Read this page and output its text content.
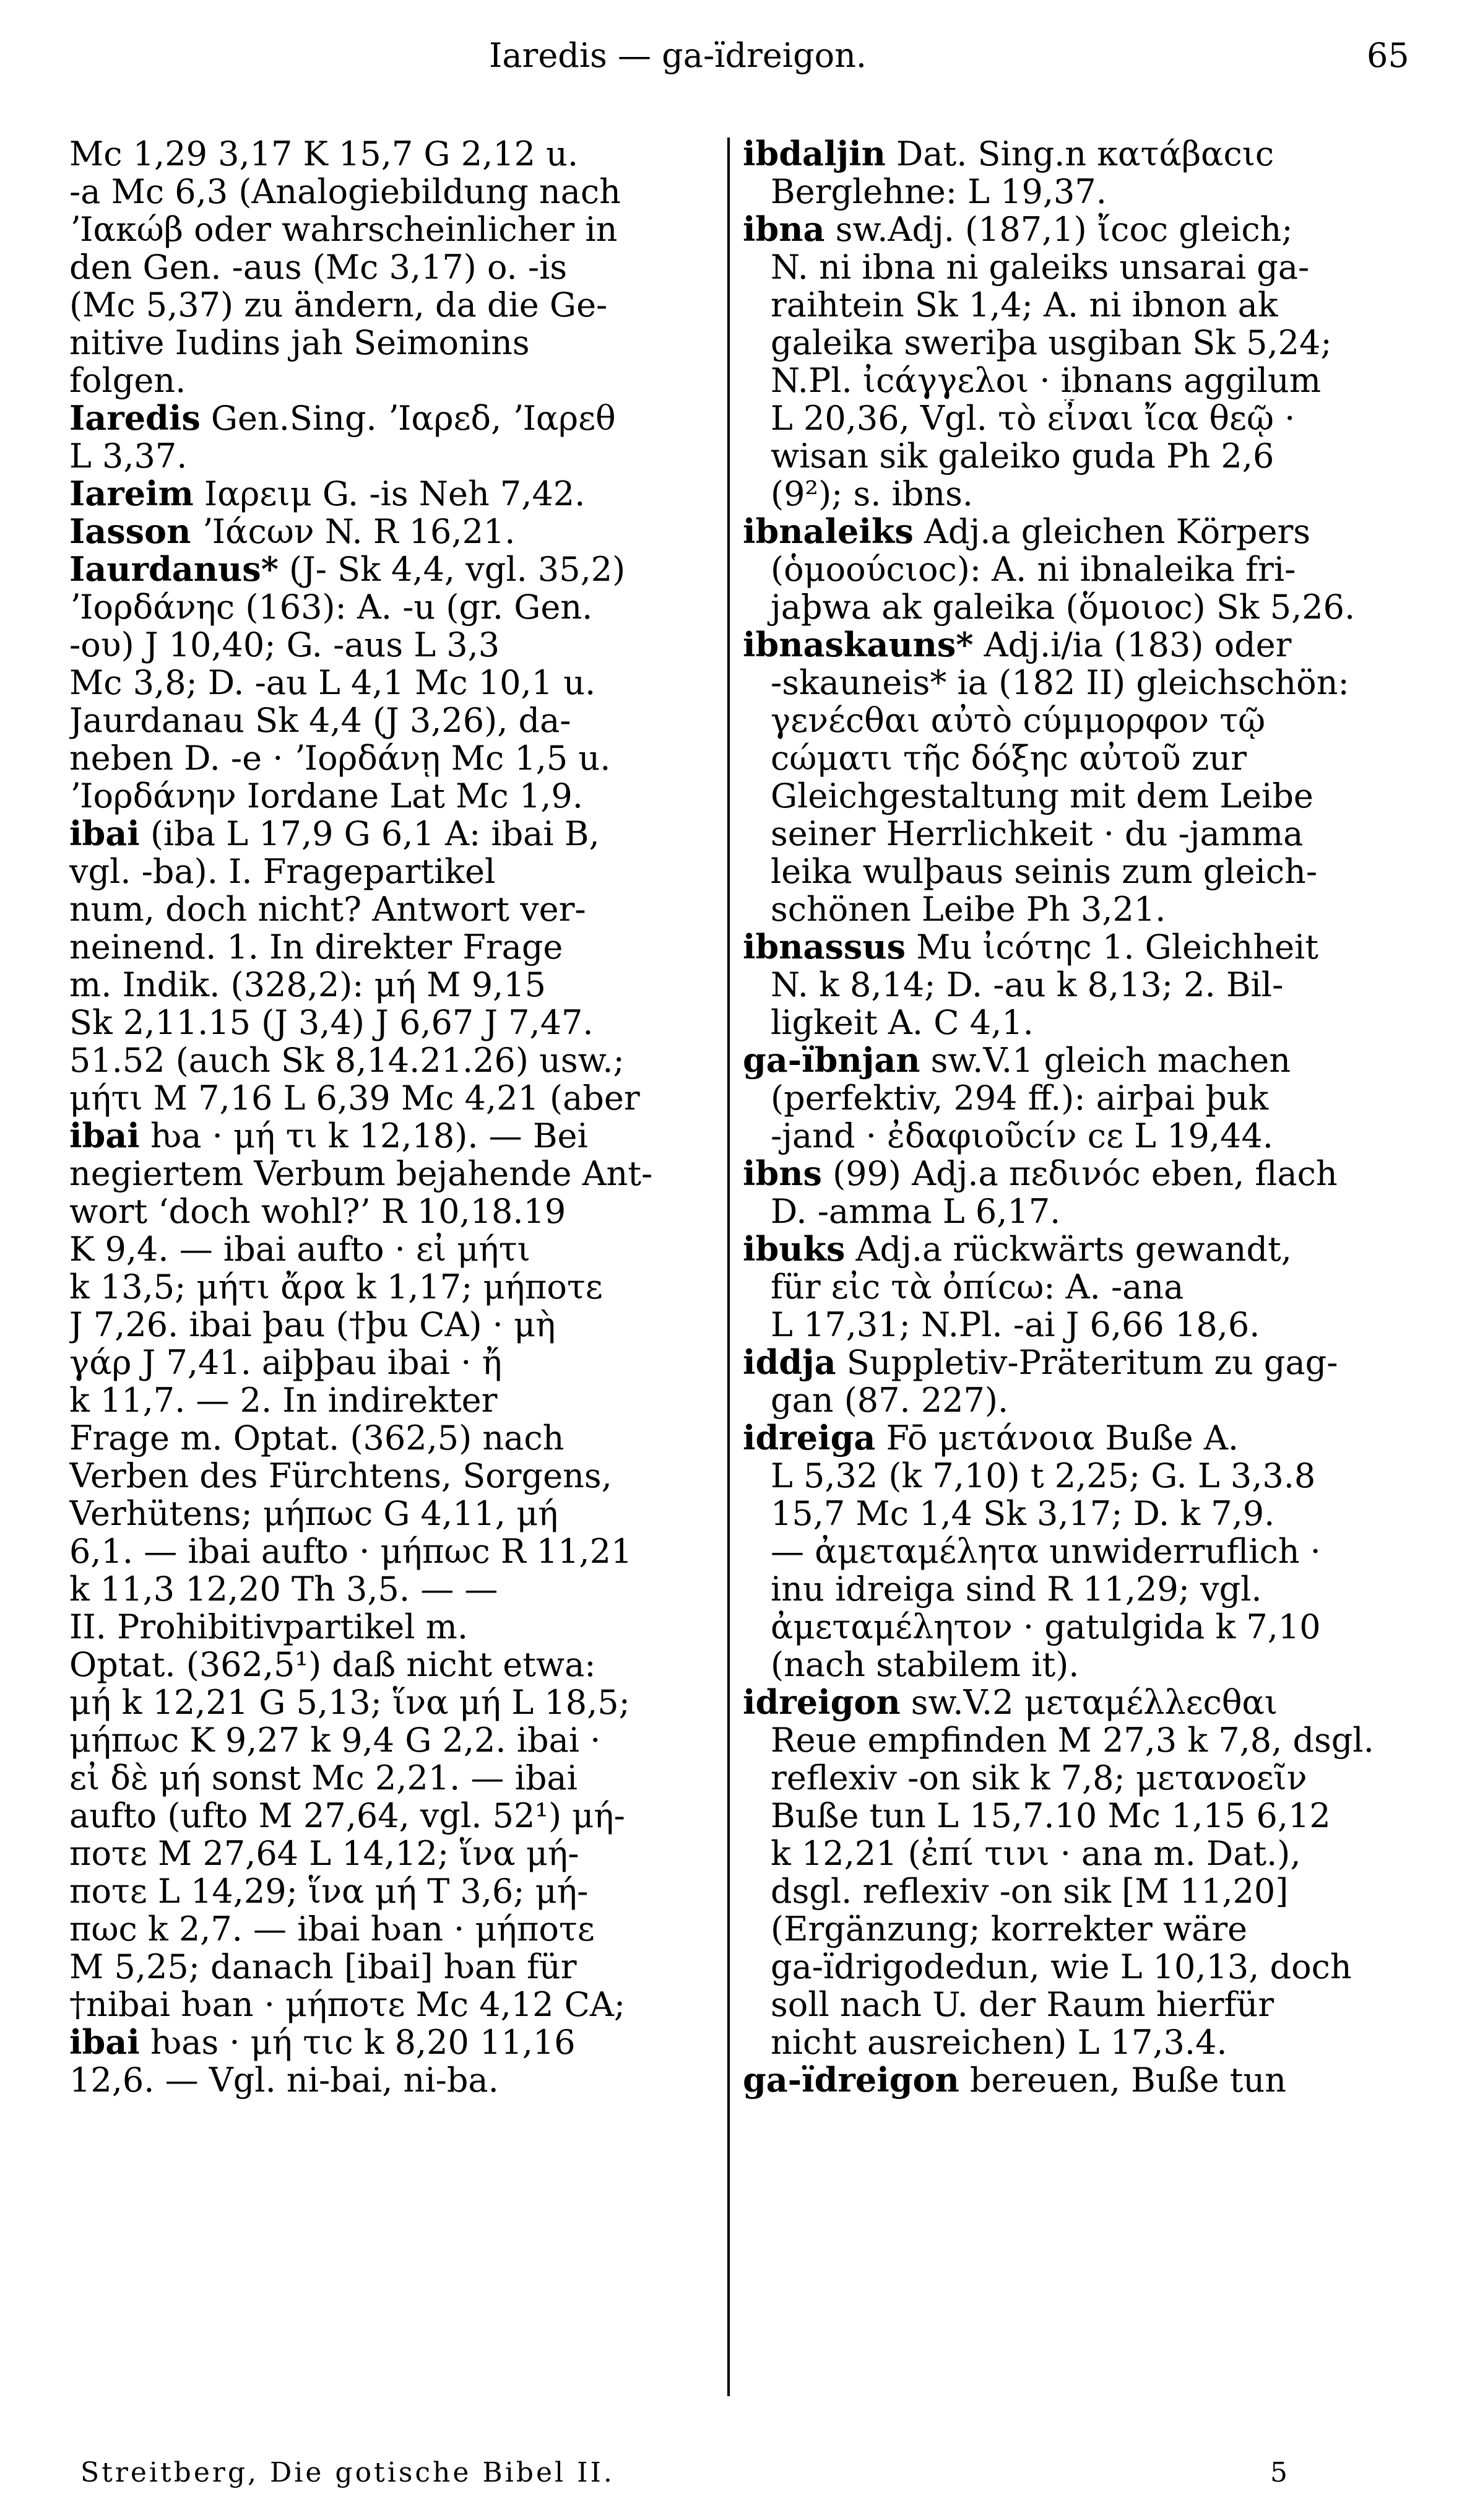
Iaredis — ga-ïdreigon.	65
Mc 1,29 3,17 K 15,7 G 2,12 u.
-a Mc 6,3 (Analogiebildung nach
ʼΙακώβ oder wahrscheinlicher in
den Gen. -aus (Mc 3,17) o. -is
(Mc 5,37) zu ändern, da die Ge-
nitive Iudins jah Seimonins
folgen.
Iaredis Gen.Sing. ʼΙαρεδ, ʼΙαρεθ
L 3,37.
Iareim Ιαρειμ G. -is Neh 7,42.
Iasson ʼΙάcων N. R 16,21.
Iaurdanus* (J- Sk 4,4, vgl. 35,2)
ʼΙορδάνηc (163): A. -u (gr. Gen.
-ου) J 10,40; G. -aus L 3,3
Mc 3,8; D. -au L 4,1 Mc 10,1 u.
Jaurdanau Sk 4,4 (J 3,26), da-
neben D. -e · ʼΙορδάνῃ Mc 1,5 u.
ʼΙορδάνην Iordane Lat Mc 1,9.
ibai (iba L 17,9 G 6,1 A: ibai B,
vgl. -ba). I. Fragepartikel
num, doch nicht? Antwort ver-
neinend. 1. In direkter Frage
m. Indik. (328,2): μή M 9,15
Sk 2,11.15 (J 3,4) J 6,67 J 7,47.
51.52 (auch Sk 8,14.21.26) usw.;
μήτι M 7,16 L 6,39 Mc 4,21 (aber
ibai ƕa · μή τι k 12,18). — Bei
negiertem Verbum bejahende Ant-
wort ‘doch wohl?’ R 10,18.19
K 9,4. — ibai aufto · εἰ μήτι
k 13,5; μήτι ἄρα k 1,17; μήποτε
J 7,26. ibai þau (†þu CA) · μὴ
γάρ J 7,41. aiþþau ibai · ἤ
k 11,7. — 2. In indirekter
Frage m. Optat. (362,5) nach
Verben des Fürchtens, Sorgens,
Verhütens; μήπωc G 4,11, μή
6,1. — ibai aufto · μήπωc R 11,21
k 11,3 12,20 Th 3,5. — —
II. Prohibitivpartikel m.
Optat. (362,5¹) daß nicht etwa:
μή k 12,21 G 5,13; ἵνα μή L 18,5;
μήπωc K 9,27 k 9,4 G 2,2. ibai ·
εἰ δὲ μή sonst Mc 2,21. — ibai
aufto (ufto M 27,64, vgl. 52¹) μή-
ποτε M 27,64 L 14,12; ἵνα μή-
ποτε L 14,29; ἵνα μή T 3,6; μή-
πωc k 2,7. — ibai ƕan · μήποτε
M 5,25; danach [ibai] ƕan für
†nibai ƕan · μήποτε Mc 4,12 CA;
ibai ƕas · μή τιc k 8,20 11,16
12,6. — Vgl. ni-bai, ni-ba.
ibdaljin Dat. Sing.n κατάβαcιc
Berglehne: L 19,37.
ibna sw.Adj. (187,1) ἴcoc gleich;
N. ni ibna ni galeiks unsarai ga-
raihtein Sk 1,4; A. ni ibnon ak
galeika sweriþa usgiban Sk 5,24;
N.Pl. ἰcάγγελοι · ibnans aggilum
L 20,36, Vgl. τὸ εἶναι ἴcα θεῷ ·
wisan sik galeiko guda Ph 2,6
(9²); s. ibns.
ibnaleiks Adj.a gleichen Körpers
(ὁμοούcιοc): A. ni ibnaleika fri-
jaþwa ak galeika (ὅμοιοc) Sk 5,26.
ibnaskauns* Adj.i/ia (183) oder
-skauneis* ia (182 II) gleichschön:
γενέcθαι αὐτὸ cύμμορφον τῷ
cώματι τῆc δόξηc αὐτοῦ zur
Gleichgestaltung mit dem Leibe
seiner Herrlichkeit · du -jamma
leika wulþaus seinis zum gleich-
schönen Leibe Ph 3,21.
ibnassus Mu ἰcότηc 1. Gleichheit
N. k 8,14; D. -au k 8,13; 2. Bil-
ligkeit A. C 4,1.
ga-ïbnjan sw.V.1 gleich machen
(perfektiv, 294 ff.): airþai þuk
-jand · ἐδαφιοῦcίν cε L 19,44.
ibns (99) Adj.a πεδινόc eben, flach
D. -amma L 6,17.
ibuks Adj.a rückwärts gewandt,
für εἰc τὰ ὀπίcω: A. -ana
L 17,31; N.Pl. -ai J 6,66 18,6.
iddja Suppletiv-Präteritum zu gag-
gan (87. 227).
idreiga Fō μετάνοια Buße A.
L 5,32 (k 7,10) t 2,25; G. L 3,3.8
15,7 Mc 1,4 Sk 3,17; D. k 7,9.
— ἀμεταμέλητα unwiderruflich ·
inu idreiga sind R 11,29; vgl.
ἀμεταμέλητον · gatulgida k 7,10
(nach stabilem it).
idreigon sw.V.2 μεταμέλλεcθαι
Reue empfinden M 27,3 k 7,8, dsgl.
reflexiv -on sik k 7,8; μετανοεῖν
Buße tun L 15,7.10 Mc 1,15 6,12
k 12,21 (ἐπί τινι · ana m. Dat.),
dsgl. reflexiv -on sik [M 11,20]
(Ergänzung; korrekter wäre
ga-ïdrigodedun, wie L 10,13, doch
soll nach U. der Raum hierfür
nicht ausreichen) L 17,3.4.
ga-ïdreigon bereuen, Buße tun
Streitberg, Die gotische Bibel II.	5
